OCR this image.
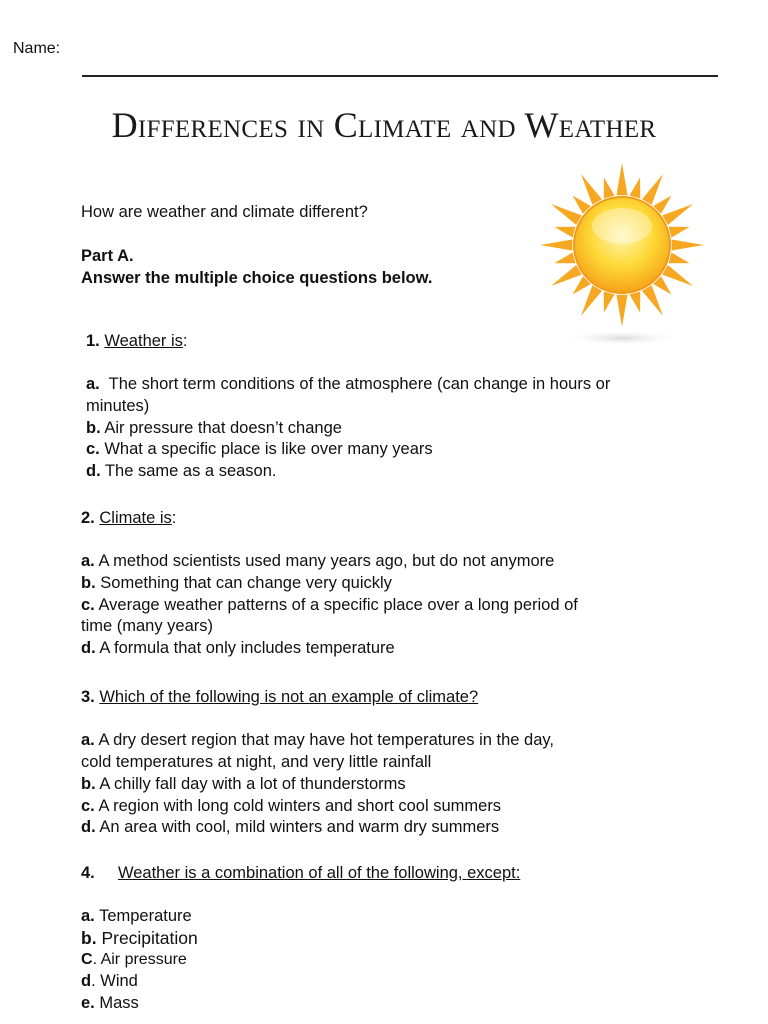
Name:
Differences in Climate and Weather
How are weather and climate different?
Part A.
Answer the multiple choice questions below.
1. Weather is:
a. The short term conditions of the atmosphere (can change in hours or
minutes)
b. Air pressure that doesn’t change
c. What a specific place is like over many years
d. The same as a season.
2. Climate is:
a. A method scientists used many years ago, but do not anymore
b. Something that can change very quickly
c. Average weather patterns of a specific place over a long period of
time (many years)
d. A formula that only includes temperature
3. Which of the following is not an example of climate?
a. A dry desert region that may have hot temperatures in the day,
cold temperatures at night, and very little rainfall
b. A chilly fall day with a lot of thunderstorms
c. A region with long cold winters and short cool summers
d. An area with cool, mild winters and warm dry summers
4. Weather is a combination of all of the following, except:
a. Temperature
b. Precipitation
C. Air pressure
d. Wind
e. Mass
